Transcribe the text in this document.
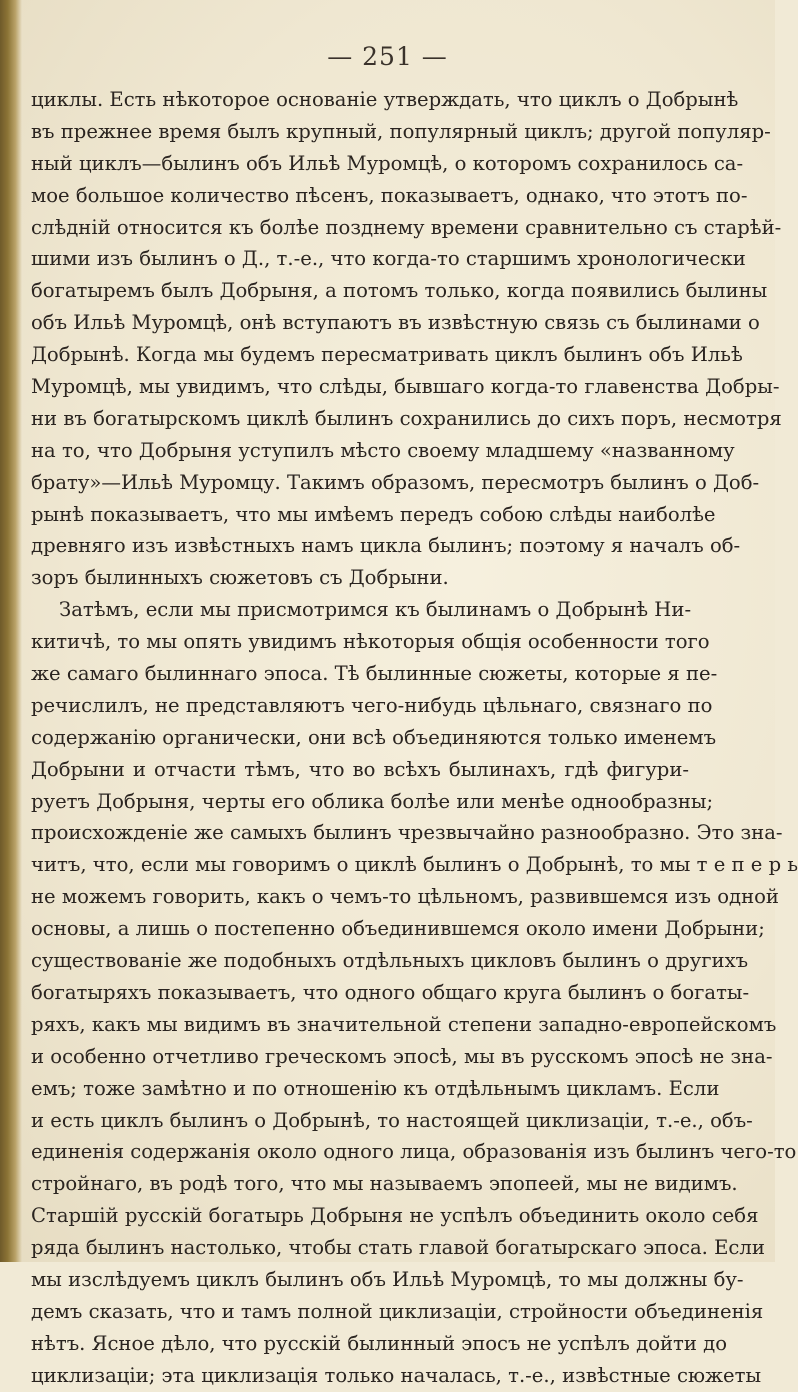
— 251 —
циклы. Есть нѣкоторое основаніе утверждать, что циклъ о Добрынѣ
въ прежнее время былъ крупный, популярный циклъ; другой популяр-
ный циклъ—былинъ объ Ильѣ Муромцѣ, о которомъ сохранилось са-
мое большое количество пѣсенъ, показываетъ, однако, что этотъ по-
слѣдній относится къ болѣе позднему времени сравнительно съ старѣй-
шими изъ былинъ о Д., т.-е., что когда-то старшимъ хронологически
богатыремъ былъ Добрыня, а потомъ только, когда появились былины
объ Ильѣ Муромцѣ, онѣ вступаютъ въ извѣстную связь съ былинами о
Добрынѣ. Когда мы будемъ пересматривать циклъ былинъ объ Ильѣ
Муромцѣ, мы увидимъ, что слѣды, бывшаго когда-то главенства Добры-
ни въ богатырскомъ циклѣ былинъ сохранились до сихъ поръ, несмотря
на то, что Добрыня уступилъ мѣсто своему младшему «названному
брату»—Ильѣ Муромцу. Такимъ образомъ, пересмотръ былинъ о Доб-
рынѣ показываетъ, что мы имѣемъ передъ собою слѣды наиболѣе
древняго изъ извѣстныхъ намъ цикла былинъ; поэтому я началъ об-
зоръ былинныхъ сюжетовъ съ Добрыни.
Затѣмъ, если мы присмотримся къ былинамъ о Добрынѣ Ни-
китичѣ, то мы опять увидимъ нѣкоторыя общія особенности того
же самаго былиннаго эпоса. Тѣ былинные сюжеты, которые я пе-
речислилъ, не представляютъ чего-нибудь цѣльнаго, связнаго по
содержанію органически, они всѣ объединяются только именемъ
Добрыни и отчасти тѣмъ, что во всѣхъ былинахъ, гдѣ фигури-
руетъ Добрыня, черты его облика болѣе или менѣе однообразны;
происхожденіе же самыхъ былинъ чрезвычайно разнообразно. Это зна-
читъ, что, если мы говоримъ о циклѣ былинъ о Добрынѣ, то мы т е п е р ь
не можемъ говорить, какъ о чемъ-то цѣльномъ, развившемся изъ одной
основы, а лишь о постепенно объединившемся около имени Добрыни;
существованіе же подобныхъ отдѣльныхъ цикловъ былинъ о другихъ
богатыряхъ показываетъ, что одного общаго круга былинъ о богаты-
ряхъ, какъ мы видимъ въ значительной степени западно-европейскомъ
и особенно отчетливо греческомъ эпосѣ, мы въ русскомъ эпосѣ не зна-
емъ; тоже замѣтно и по отношенію къ отдѣльнымъ цикламъ. Если
и есть циклъ былинъ о Добрынѣ, то настоящей циклизаціи, т.-е., объ-
единенія содержанія около одного лица, образованія изъ былинъ чего-то
стройнаго, въ родѣ того, что мы называемъ эпопеей, мы не видимъ.
Старшій русскій богатырь Добрыня не успѣлъ объединить около себя
ряда былинъ настолько, чтобы стать главой богатырскаго эпоса. Если
мы изслѣдуемъ циклъ былинъ объ Ильѣ Муромцѣ, то мы должны бу-
демъ сказать, что и тамъ полной циклизаціи, стройности объединенія
нѣтъ. Ясное дѣло, что русскій былинный эпосъ не успѣлъ дойти до
циклизаціи; эта циклизація только началась, т.-е., извѣстные сюжеты
